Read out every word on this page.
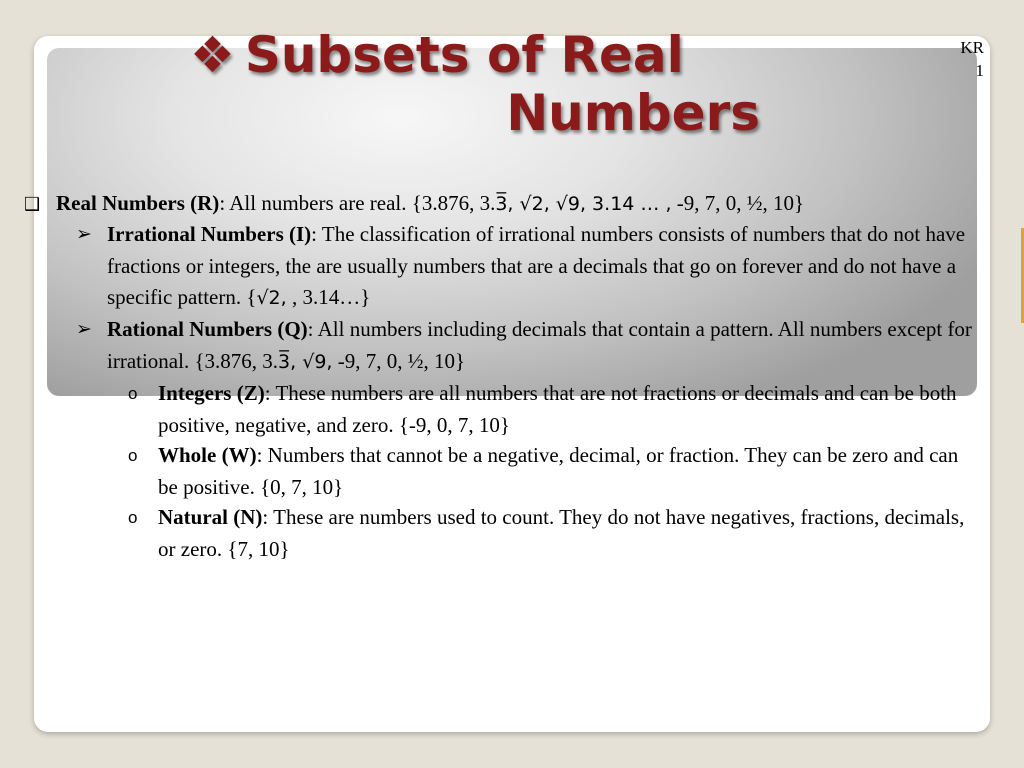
❖ Subsets of Real
Numbers
KR
1
❑ Real Numbers (R): All numbers are real. {3.876, 3.3̅, √2, √9, 3.14 … , -9, 7, 0, ½, 10}
➢ Irrational Numbers (I): The classification of irrational numbers consists of numbers that do not have fractions or integers, the are usually numbers that are a decimals that go on forever and do not have a specific pattern. {√2, , 3.14…}
➢ Rational Numbers (Q): All numbers including decimals that contain a pattern. All numbers except for irrational. {3.876, 3.3̅, √9, -9, 7, 0, ½, 10}
o Integers (Z): These numbers are all numbers that are not fractions or decimals and can be both positive, negative, and zero. {-9, 0, 7, 10}
o Whole (W): Numbers that cannot be a negative, decimal, or fraction. They can be zero and can be positive. {0, 7, 10}
o Natural (N): These are numbers used to count. They do not have negatives, fractions, decimals, or zero. {7, 10}
